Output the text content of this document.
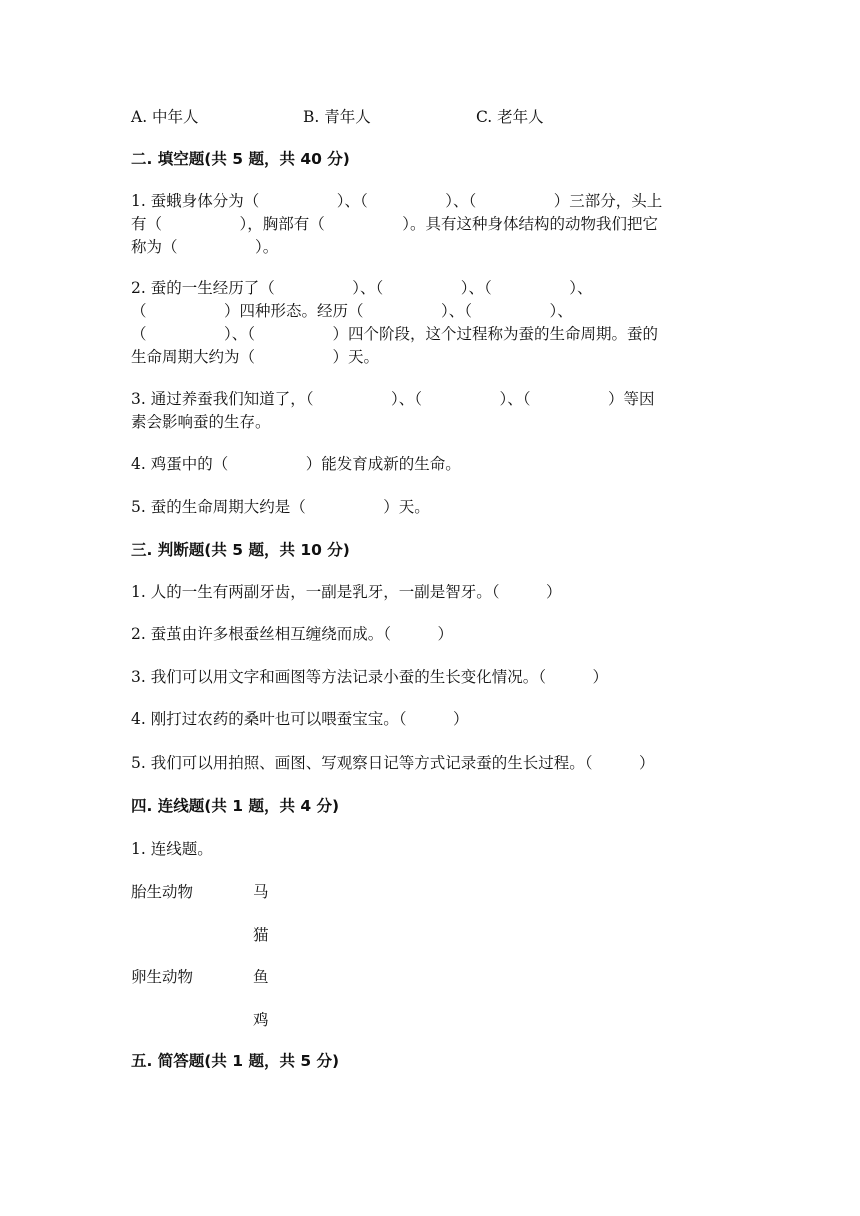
A. 中年人	B. 青年人	C. 老年人
二. 填空题(共 5 题，共 40 分)
1. 蚕蛾身体分为（　　　　　）、（　　　　　）、（　　　　　）三部分，头上
有（　　　　　），胸部有（　　　　　）。具有这种身体结构的动物我们把它
称为（　　　　　）。
2. 蚕的一生经历了（　　　　　）、（　　　　　）、（　　　　　）、
（　　　　　）四种形态。经历（　　　　　）、（　　　　　）、
（　　　　　）、（　　　　　）四个阶段，这个过程称为蚕的生命周期。蚕的
生命周期大约为（　　　　　）天。
3. 通过养蚕我们知道了，（　　　　　）、（　　　　　）、（　　　　　）等因
素会影响蚕的生存。
4. 鸡蛋中的（　　　　　）能发育成新的生命。
5. 蚕的生命周期大约是（　　　　　）天。
三. 判断题(共 5 题，共 10 分)
1. 人的一生有两副牙齿，一副是乳牙，一副是智牙。（　　　）
2. 蚕茧由许多根蚕丝相互缠绕而成。（　　　）
3. 我们可以用文字和画图等方法记录小蚕的生长变化情况。（　　　）
4. 刚打过农药的桑叶也可以喂蚕宝宝。（　　　）
5. 我们可以用拍照、画图、写观察日记等方式记录蚕的生长过程。（　　　）
四. 连线题(共 1 题，共 4 分)
1. 连线题。
胎生动物
卵生动物
马
猫
鱼
鸡
五. 简答题(共 1 题，共 5 分)
